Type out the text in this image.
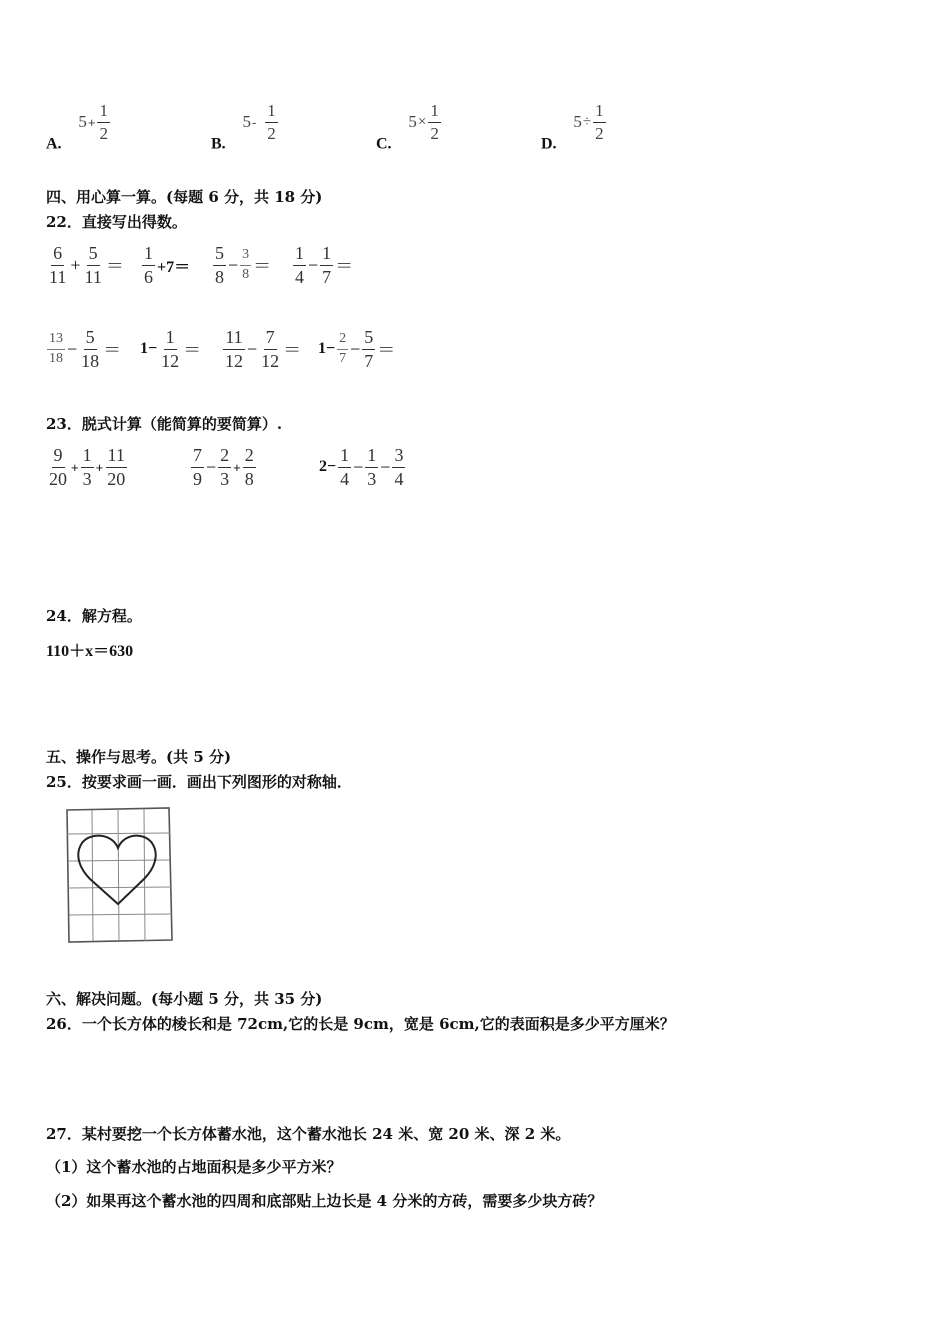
A. $5+ \frac{1}{2}$
B. $5- \frac{1}{2}$
C. $5\times \frac{1}{2}$
D. $5\div \frac{1}{2}$
四、用心算一算。(每题 6 分，共 18 分)
22．直接写出得数。
$\frac{6}{11} + \frac{5}{11} = \frac{1}{6} +7= \frac{5}{8} - \frac{3}{8} = \frac{1}{4} - \frac{1}{7}$ ＝
$\frac{13}{18} - \frac{5}{18} = 1- \frac{1}{12} = \frac{11}{12} - \frac{7}{12} = 1- \frac{2}{7} - \frac{5}{7}$ ＝
23．脱式计算（能简算的要简算）.
$\frac{9}{20} + \frac{1}{3} + \frac{11}{20}$	$\frac{7}{9} - \frac{2}{3} + \frac{2}{8}$	$2- \frac{1}{4} - \frac{1}{3} - \frac{3}{4}$
24．解方程。
110＋x＝630
五、操作与思考。(共 5 分)
25．按要求画一画．画出下列图形的对称轴．
六、解决问题。(每小题 5 分，共 35 分)
26．一个长方体的棱长和是 72cm,它的长是 9cm，宽是 6cm,它的表面积是多少平方厘米？
27．某村要挖一个长方体蓄水池，这个蓄水池长 24 米、宽 20 米、深 2 米。
（1）这个蓄水池的占地面积是多少平方米？
（2）如果再这个蓄水池的四周和底部贴上边长是 4 分米的方砖，需要多少块方砖？
